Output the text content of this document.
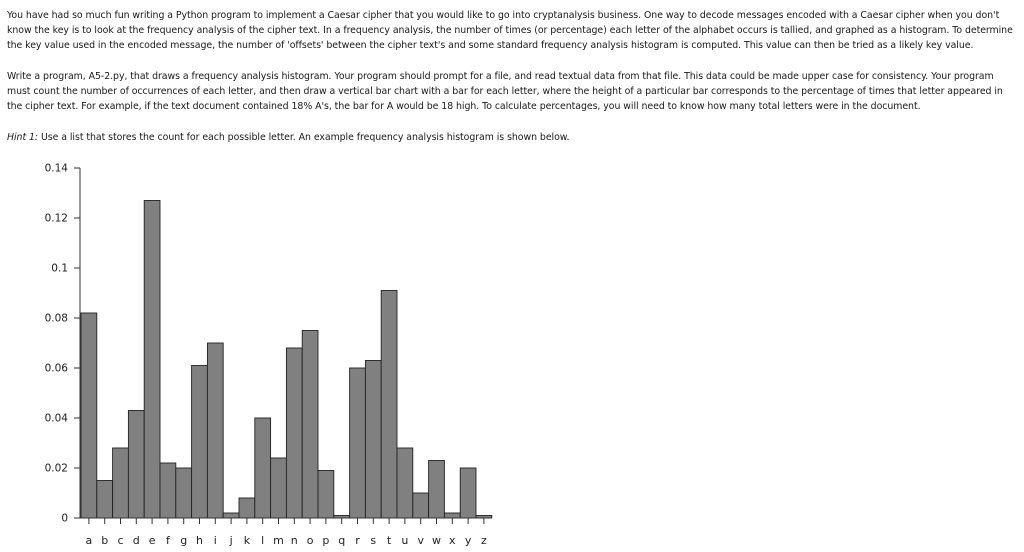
You have had so much fun writing a Python program to implement a Caesar cipher that you would like to go into cryptanalysis business. One way to decode messages encoded with a Caesar cipher when you don't know the key is to look at the frequency analysis of the cipher text. In a frequency analysis, the number of times (or percentage) each letter of the alphabet occurs is tallied, and graphed as a histogram. To determine the key value used in the encoded message, the number of 'offsets' between the cipher text's and some standard frequency analysis histogram is computed. This value can then be tried as a likely key value.
Write a program, A5-2.py, that draws a frequency analysis histogram. Your program should prompt for a file, and read textual data from that file. This data could be made upper case for consistency. Your program must count the number of occurrences of each letter, and then draw a vertical bar chart with a bar for each letter, where the height of a particular bar corresponds to the percentage of times that letter appeared in the cipher text. For example, if the text document contained 18% A's, the bar for A would be 18 high. To calculate percentages, you will need to know how many total letters were in the document.
Hint 1: Use a list that stores the count for each possible letter. An example frequency analysis histogram is shown below.
0
0.02
0.04
0.06
0.08
0.1
0.12
0.14
a b c d e f g h i j k l m n o p q r s t u v w x y z
